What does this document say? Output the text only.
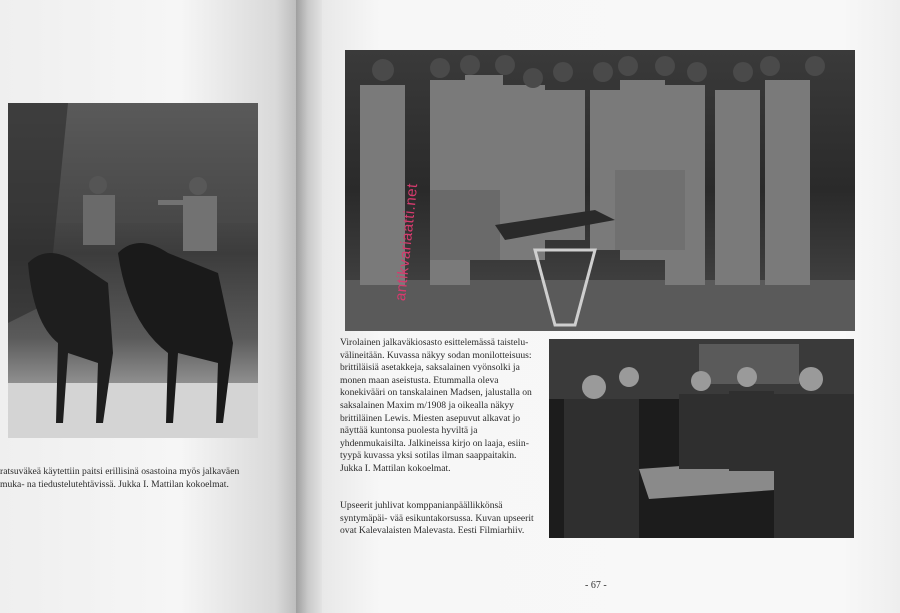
ratsuväkeä käytettiin paitsi erillisinä osastoina myös jalkaväen muka- na tiedustelutehtävissä. Jukka I. Mattilan kokoelmat.

Virolainen jalkaväkiosasto esittelemässä taistelu- välineitään. Kuvassa näkyy sodan monilotteisuus: brittiläisiä asetakkeja, saksalainen vyönsolki ja monen maan aseistusta. Etummalla oleva konekivääri on tanskalainen Madsen, jalustalla on saksalainen Maxim m/1908 ja oikealla näkyy brittiläinen Lewis. Miesten asepuvut alkavat jo näyttää kuntonsa puolesta hyviltä ja yhdenmukaisilta. Jalkineissa kirjo on laaja, esiin- tyypä kuvassa yksi sotilas ilman saappaitakin. Jukka I. Mattilan kokoelmat.

Upseerit juhlivat komppanianpäällikkönsä syntymäpäi- vää esikuntakorsussa. Kuvan upseerit ovat Kalevalaisten Malevasta. Eesti Filmiarhiiv.

- 67 -
antikvariaatti.net
